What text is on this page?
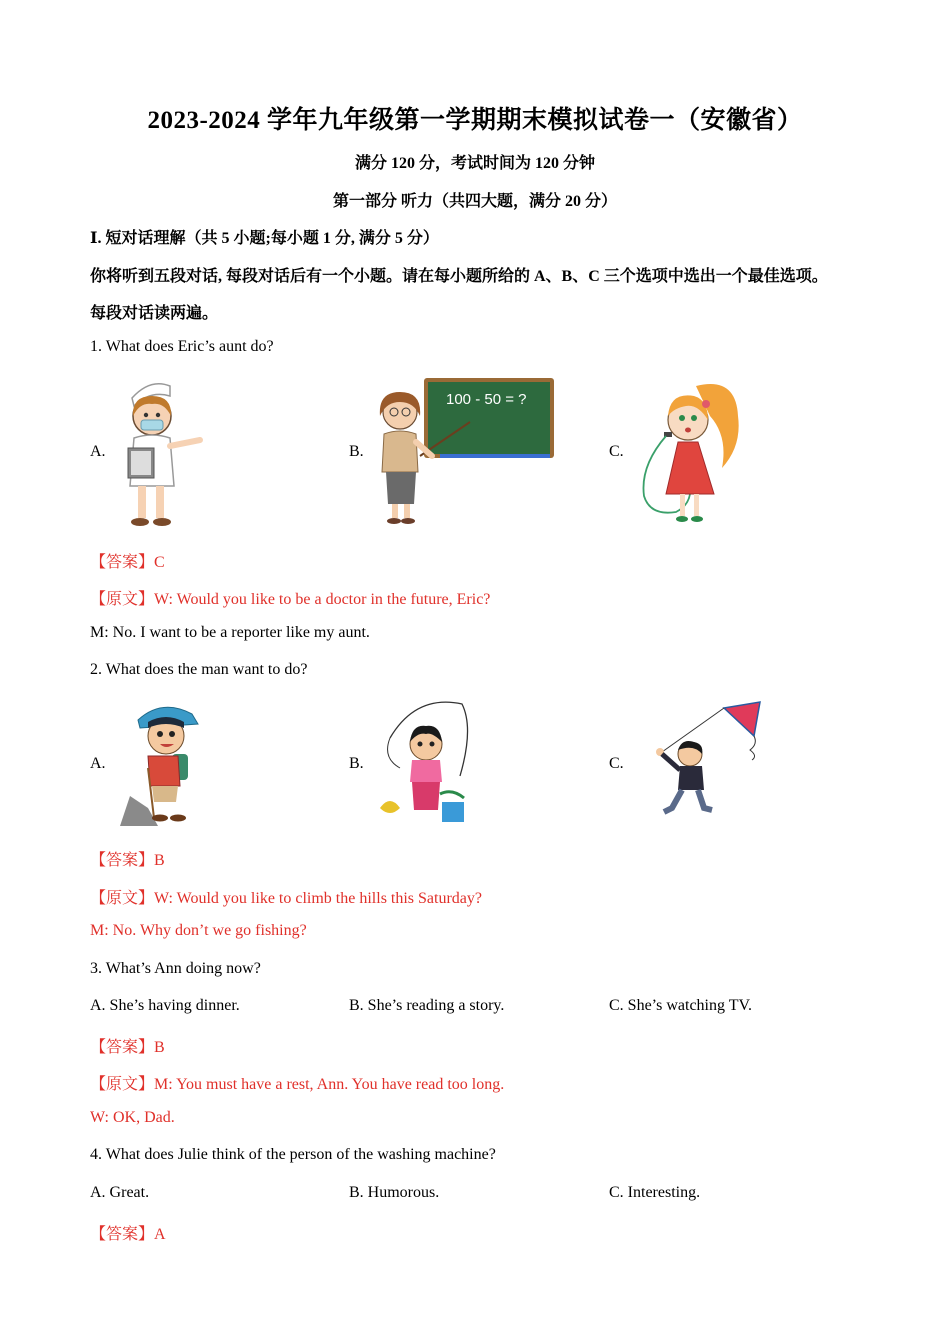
2023-2024 学年九年级第一学期期末模拟试卷一（安徽省）
满分 120 分，考试时间为 120 分钟
第一部分 听力（共四大题，满分 20 分）
Ⅰ. 短对话理解（共 5 小题;每小题 1 分, 满分 5 分）
你将听到五段对话, 每段对话后有一个小题。请在每小题所给的 A、B、C 三个选项中选出一个最佳选项。
每段对话读两遍。
1. What does Eric’s aunt do?
A.	B.	C.
100 - 50 = ?
【答案】C
【原文】W: Would you like to be a doctor in the future, Eric?
M: No. I want to be a reporter like my aunt.
2. What does the man want to do?
A.	B.	C.
【答案】B
【原文】W: Would you like to climb the hills this Saturday?
M: No. Why don’t we go fishing?
3. What’s Ann doing now?
A. She’s having dinner.	B. She’s reading a story.	C. She’s watching TV.
【答案】B
【原文】M: You must have a rest, Ann. You have read too long.
W: OK, Dad.
4. What does Julie think of the person of the washing machine?
A. Great.	B. Humorous.	C. Interesting.
【答案】A
